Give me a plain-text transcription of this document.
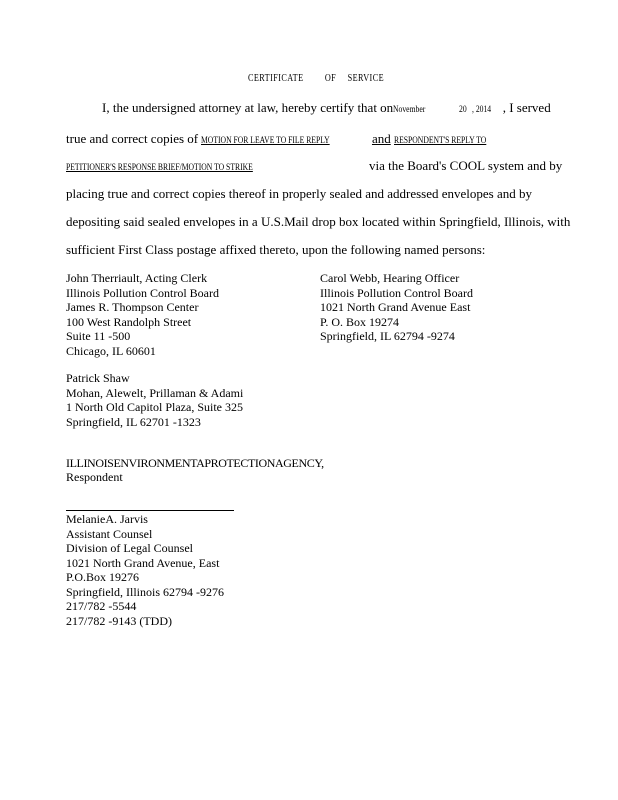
CERTIFICATE OF SERVICE
I, the undersigned attorney at law, hereby certify that onNovember	20 , 2014 , I served
true and correct copies of MOTION FOR LEAVE TO FILE REPLY	and RESPONDENT'S REPLY TO
PETITIONER'S RESPONSE BRIEF/MOTION TO STRIKE	via the Board's COOL system and by
placing true and correct copies thereof in properly sealed and addressed envelopes and by
depositing said sealed envelopes in a U.S.Mail drop box located within Springfield, Illinois, with
sufficient First Class postage affixed thereto, upon the following named persons:
John Therriault, Acting Clerk
Illinois Pollution Control Board
James R. Thompson Center
100 West Randolph Street
Suite 11 -500
Chicago, IL 60601
Carol Webb, Hearing Officer
Illinois Pollution Control Board
1021 North Grand Avenue East
P. O. Box 19274
Springfield, IL 62794 -9274
Patrick Shaw
Mohan, Alewelt, Prillaman & Adami
1 North Old Capitol Plaza, Suite 325
Springfield, IL 62701 -1323
ILLINOISENVIRONMENTAPROTECTIONAGENCY,
Respondent
MelanieA. Jarvis
Assistant Counsel
Division of Legal Counsel
1021 North Grand Avenue, East
P.O.Box 19276
Springfield, Illinois 62794 -9276
217/782 -5544
217/782 -9143 (TDD)
